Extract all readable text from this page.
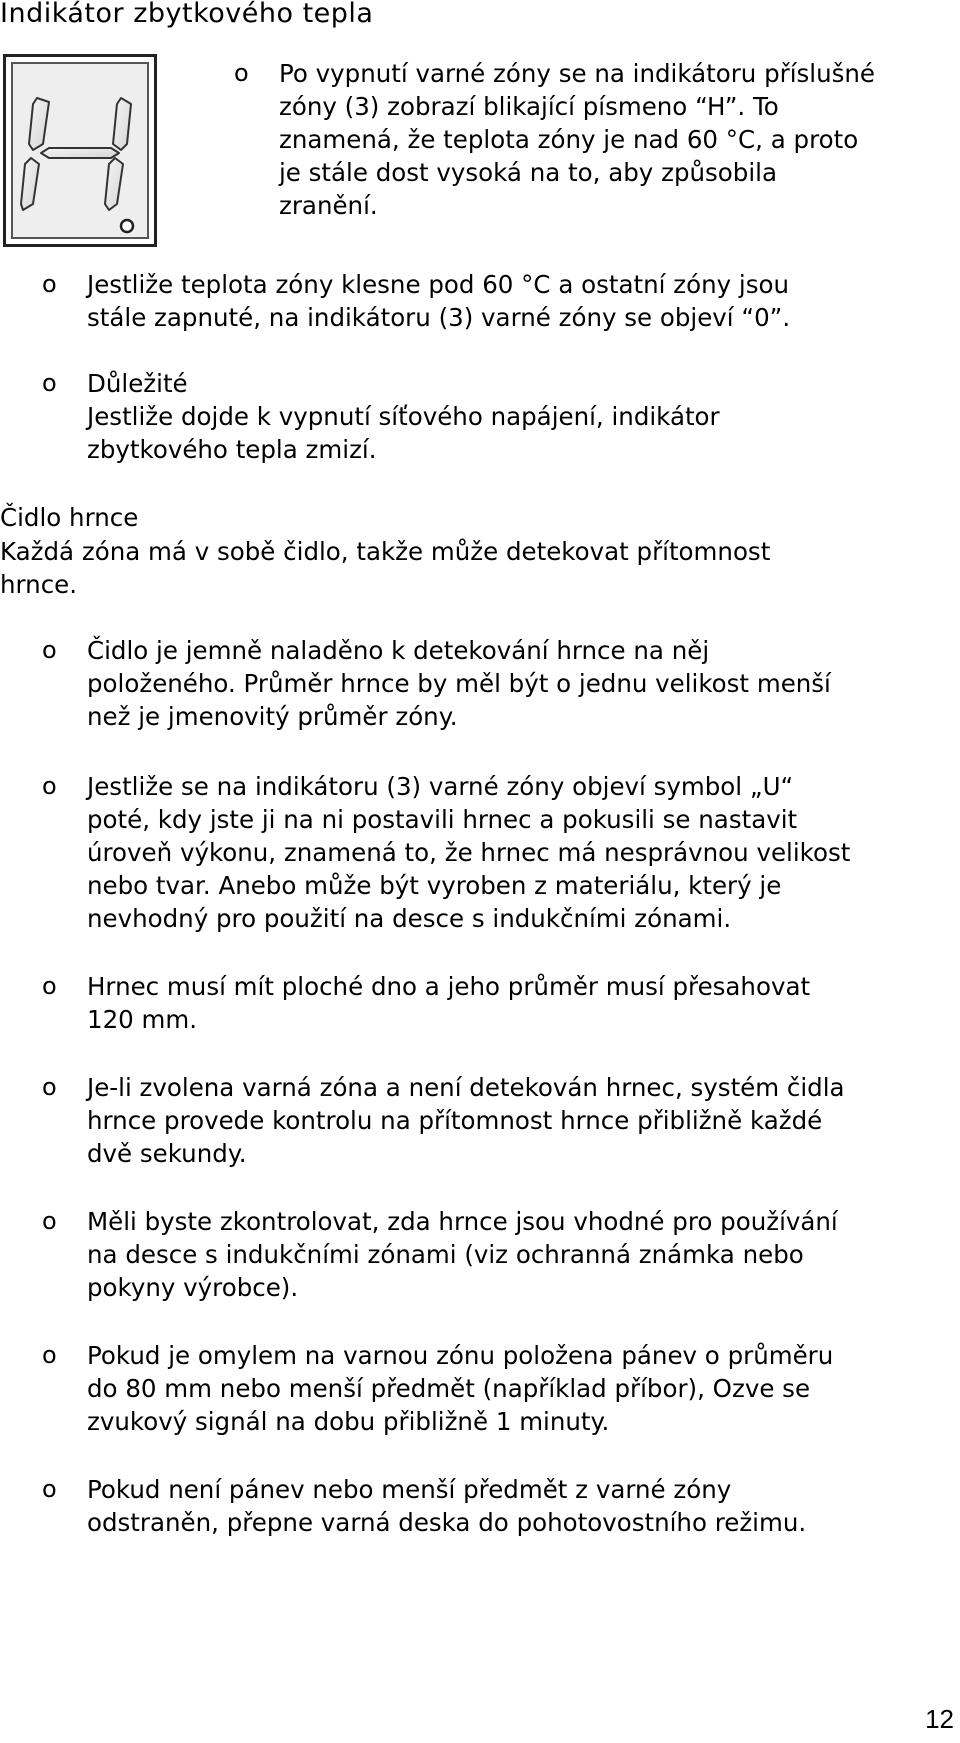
Indikátor zbytkového tepla
o Po vypnutí varné zóny se na indikátoru příslušné
zóny (3) zobrazí blikající písmeno “H”. To
znamená, že teplota zóny je nad 60 °C, a proto
je stále dost vysoká na to, aby způsobila
zranění.

o Jestliže teplota zóny klesne pod 60 °C a ostatní zóny jsou
stále zapnuté, na indikátoru (3) varné zóny se objeví “0”.

o Důležité
Jestliže dojde k vypnutí síťového napájení, indikátor
zbytkového tepla zmizí.

Čidlo hrnce

Každá zóna má v sobě čidlo, takže může detekovat přítomnost
hrnce.

o Čidlo je jemně naladěno k detekování hrnce na něj
položeného. Průměr hrnce by měl být o jednu velikost menší
než je jmenovitý průměr zóny.

o Jestliže se na indikátoru (3) varné zóny objeví symbol „U“
poté, kdy jste ji na ni postavili hrnec a pokusili se nastavit
úroveň výkonu, znamená to, že hrnec má nesprávnou velikost
nebo tvar. Anebo může být vyroben z materiálu, který je
nevhodný pro použití na desce s indukčními zónami.

o Hrnec musí mít ploché dno a jeho průměr musí přesahovat
120 mm.

o Je-li zvolena varná zóna a není detekován hrnec, systém čidla
hrnce provede kontrolu na přítomnost hrnce přibližně každé
dvě sekundy.

o Měli byste zkontrolovat, zda hrnce jsou vhodné pro používání
na desce s indukčními zónami (viz ochranná známka nebo
pokyny výrobce).

o Pokud je omylem na varnou zónu položena pánev o průměru
do 80 mm nebo menší předmět (například příbor), Ozve se
zvukový signál na dobu přibližně 1 minuty.

o Pokud není pánev nebo menší předmět z varné zóny
odstraněn, přepne varná deska do pohotovostního režimu.

12
